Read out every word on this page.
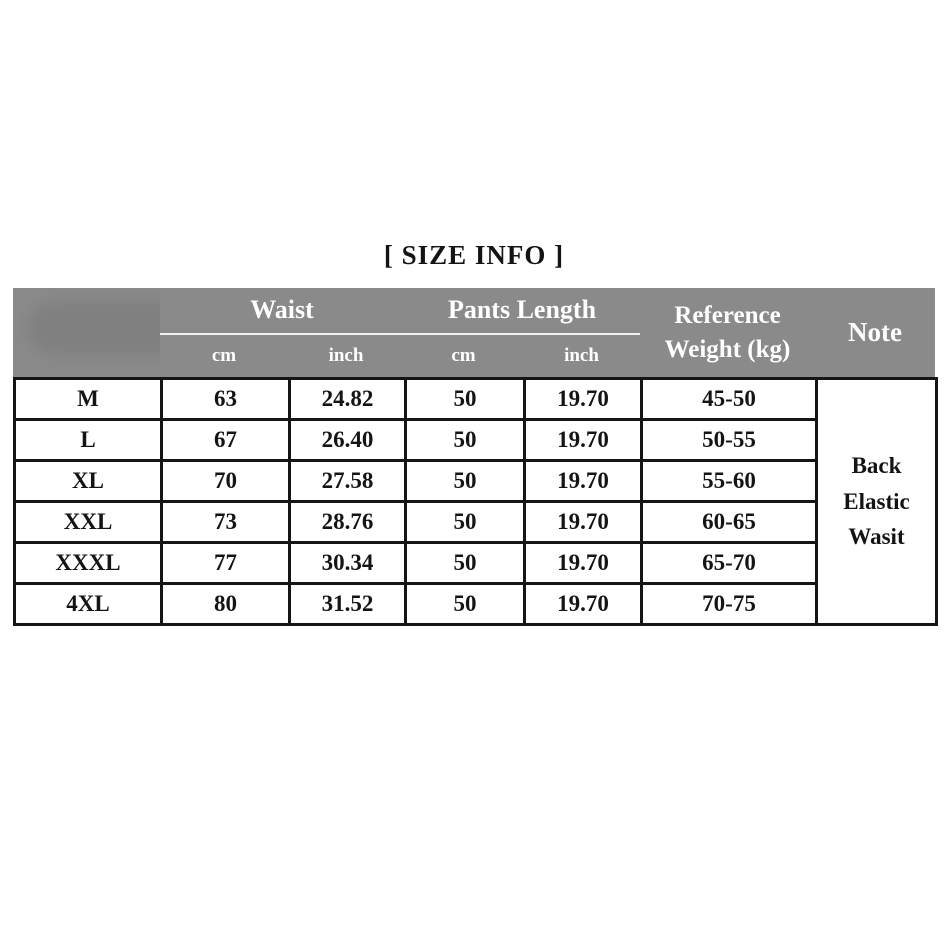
[ SIZE INFO ]
Waist	Pants Length
cm	inch	cm	inch
Reference Weight (kg)
Note
M	63	24.82	50	19.70	45-50	Back Elastic Wasit
L	67	26.40	50	19.70	50-55	
XL	70	27.58	50	19.70	55-60	
XXL	73	28.76	50	19.70	60-65	
XXXL	77	30.34	50	19.70	65-70	
4XL	80	31.52	50	19.70	70-75	
